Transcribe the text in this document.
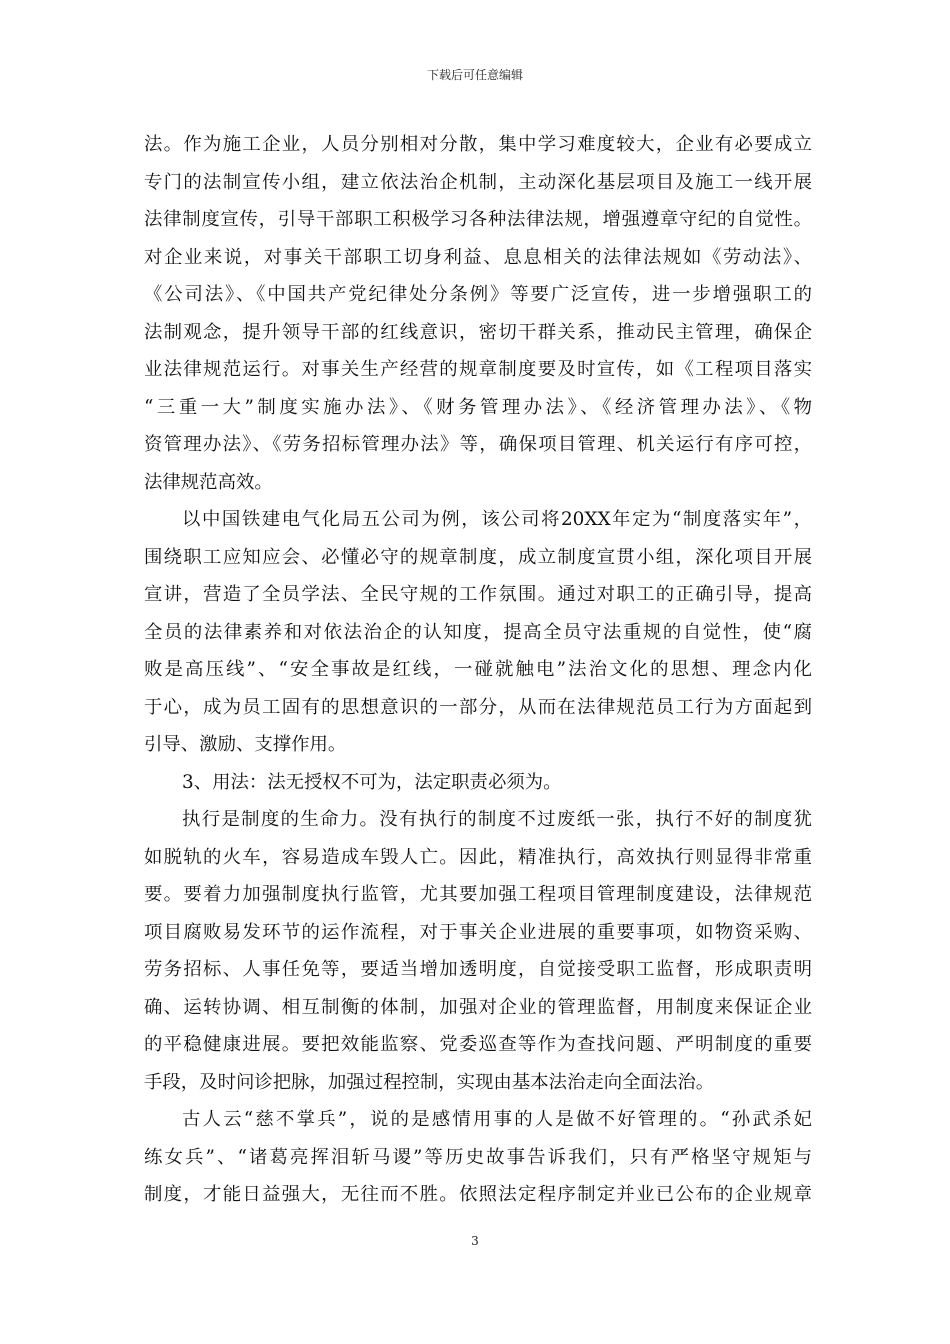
下载后可任意编辑
法。作为施工企业，人员分别相对分散，集中学习难度较大，企业有必要成立
专门的法制宣传小组，建立依法治企机制，主动深化基层项目及施工一线开展
法律制度宣传，引导干部职工积极学习各种法律法规，增强遵章守纪的自觉性。
对企业来说，对事关干部职工切身利益、息息相关的法律法规如《劳动法》、
《公司法》、《中国共产党纪律处分条例》等要广泛宣传，进一步增强职工的
法制观念，提升领导干部的红线意识，密切干群关系，推动民主管理，确保企
业法律规范运行。对事关生产经营的规章制度要及时宣传，如《工程项目落实
“三重一大”制度实施办法》、《财务管理办法》、《经济管理办法》、《物
资管理办法》、《劳务招标管理办法》等，确保项目管理、机关运行有序可控，
法律规范高效。
以中国铁建电气化局五公司为例，该公司将20XX年定为“制度落实年”，
围绕职工应知应会、必懂必守的规章制度，成立制度宣贯小组，深化项目开展
宣讲，营造了全员学法、全民守规的工作氛围。通过对职工的正确引导，提高
全员的法律素养和对依法治企的认知度，提高全员守法重规的自觉性，使“腐
败是高压线”、“安全事故是红线，一碰就触电”法治文化的思想、理念内化
于心，成为员工固有的思想意识的一部分，从而在法律规范员工行为方面起到
引导、激励、支撑作用。
3、用法：法无授权不可为，法定职责必须为。
执行是制度的生命力。没有执行的制度不过废纸一张，执行不好的制度犹
如脱轨的火车，容易造成车毁人亡。因此，精准执行，高效执行则显得非常重
要。要着力加强制度执行监管，尤其要加强工程项目管理制度建设，法律规范
项目腐败易发环节的运作流程，对于事关企业进展的重要事项，如物资采购、
劳务招标、人事任免等，要适当增加透明度，自觉接受职工监督，形成职责明
确、运转协调、相互制衡的体制，加强对企业的管理监督，用制度来保证企业
的平稳健康进展。要把效能监察、党委巡查等作为查找问题、严明制度的重要
手段，及时问诊把脉，加强过程控制，实现由基本法治走向全面法治。
古人云“慈不掌兵”，说的是感情用事的人是做不好管理的。“孙武杀妃
练女兵”、“诸葛亮挥泪斩马谡”等历史故事告诉我们，只有严格坚守规矩与
制度，才能日益强大，无往而不胜。依照法定程序制定并业已公布的企业规章
3
